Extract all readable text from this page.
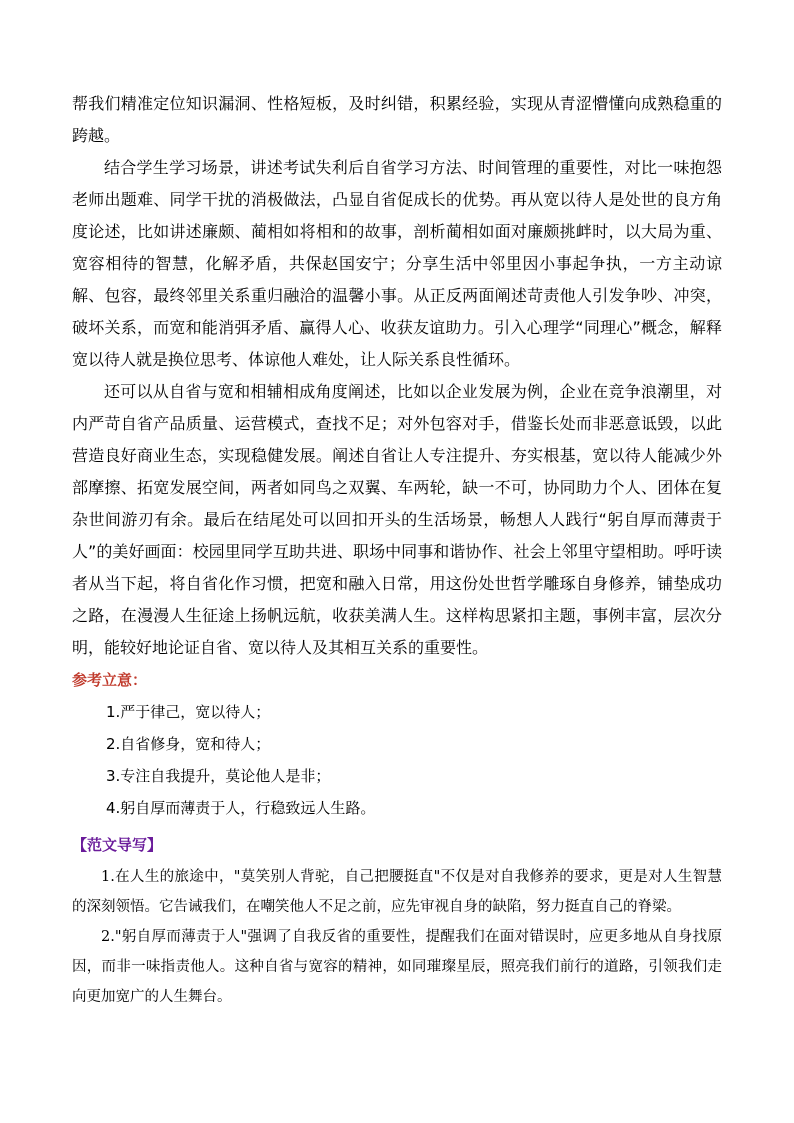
帮我们精准定位知识漏洞、性格短板，及时纠错，积累经验，实现从青涩懵懂向成熟稳重的跨越。

结合学生学习场景，讲述考试失利后自省学习方法、时间管理的重要性，对比一味抱怨老师出题难、同学干扰的消极做法，凸显自省促成长的优势。再从宽以待人是处世的良方角度论述，比如讲述廉颇、蔺相如将相和的故事，剖析蔺相如面对廉颇挑衅时，以大局为重、宽容相待的智慧，化解矛盾，共保赵国安宁；分享生活中邻里因小事起争执，一方主动谅解、包容，最终邻里关系重归融洽的温馨小事。从正反两面阐述苛责他人引发争吵、冲突，破坏关系，而宽和能消弭矛盾、赢得人心、收获友谊助力。引入心理学“同理心”概念，解释宽以待人就是换位思考、体谅他人难处，让人际关系良性循环。

还可以从自省与宽和相辅相成角度阐述，比如以企业发展为例，企业在竞争浪潮里，对内严苛自省产品质量、运营模式，查找不足；对外包容对手，借鉴长处而非恶意诋毁，以此营造良好商业生态，实现稳健发展。阐述自省让人专注提升、夯实根基，宽以待人能减少外部摩擦、拓宽发展空间，两者如同鸟之双翼、车两轮，缺一不可，协同助力个人、团体在复杂世间游刃有余。最后在结尾处可以回扣开头的生活场景，畅想人人践行“躬自厚而薄责于人”的美好画面：校园里同学互助共进、职场中同事和谐协作、社会上邻里守望相助。呼吁读者从当下起，将自省化作习惯，把宽和融入日常，用这份处世哲学雕琢自身修养，铺垫成功之路，在漫漫人生征途上扬帆远航，收获美满人生。这样构思紧扣主题，事例丰富，层次分明，能较好地论证自省、宽以待人及其相互关系的重要性。

参考立意：

1.严于律己，宽以待人；

2.自省修身，宽和待人；

3.专注自我提升，莫论他人是非；

4.躬自厚而薄责于人，行稳致远人生路。

【范文导写】

1.在人生的旅途中，"莫笑别人背驼，自己把腰挺直"不仅是对自我修养的要求，更是对人生智慧的深刻领悟。它告诫我们，在嘲笑他人不足之前，应先审视自身的缺陷，努力挺直自己的脊梁。

2."躬自厚而薄责于人"强调了自我反省的重要性，提醒我们在面对错误时，应更多地从自身找原因，而非一味指责他人。这种自省与宽容的精神，如同璀璨星辰，照亮我们前行的道路，引领我们走向更加宽广的人生舞台。
